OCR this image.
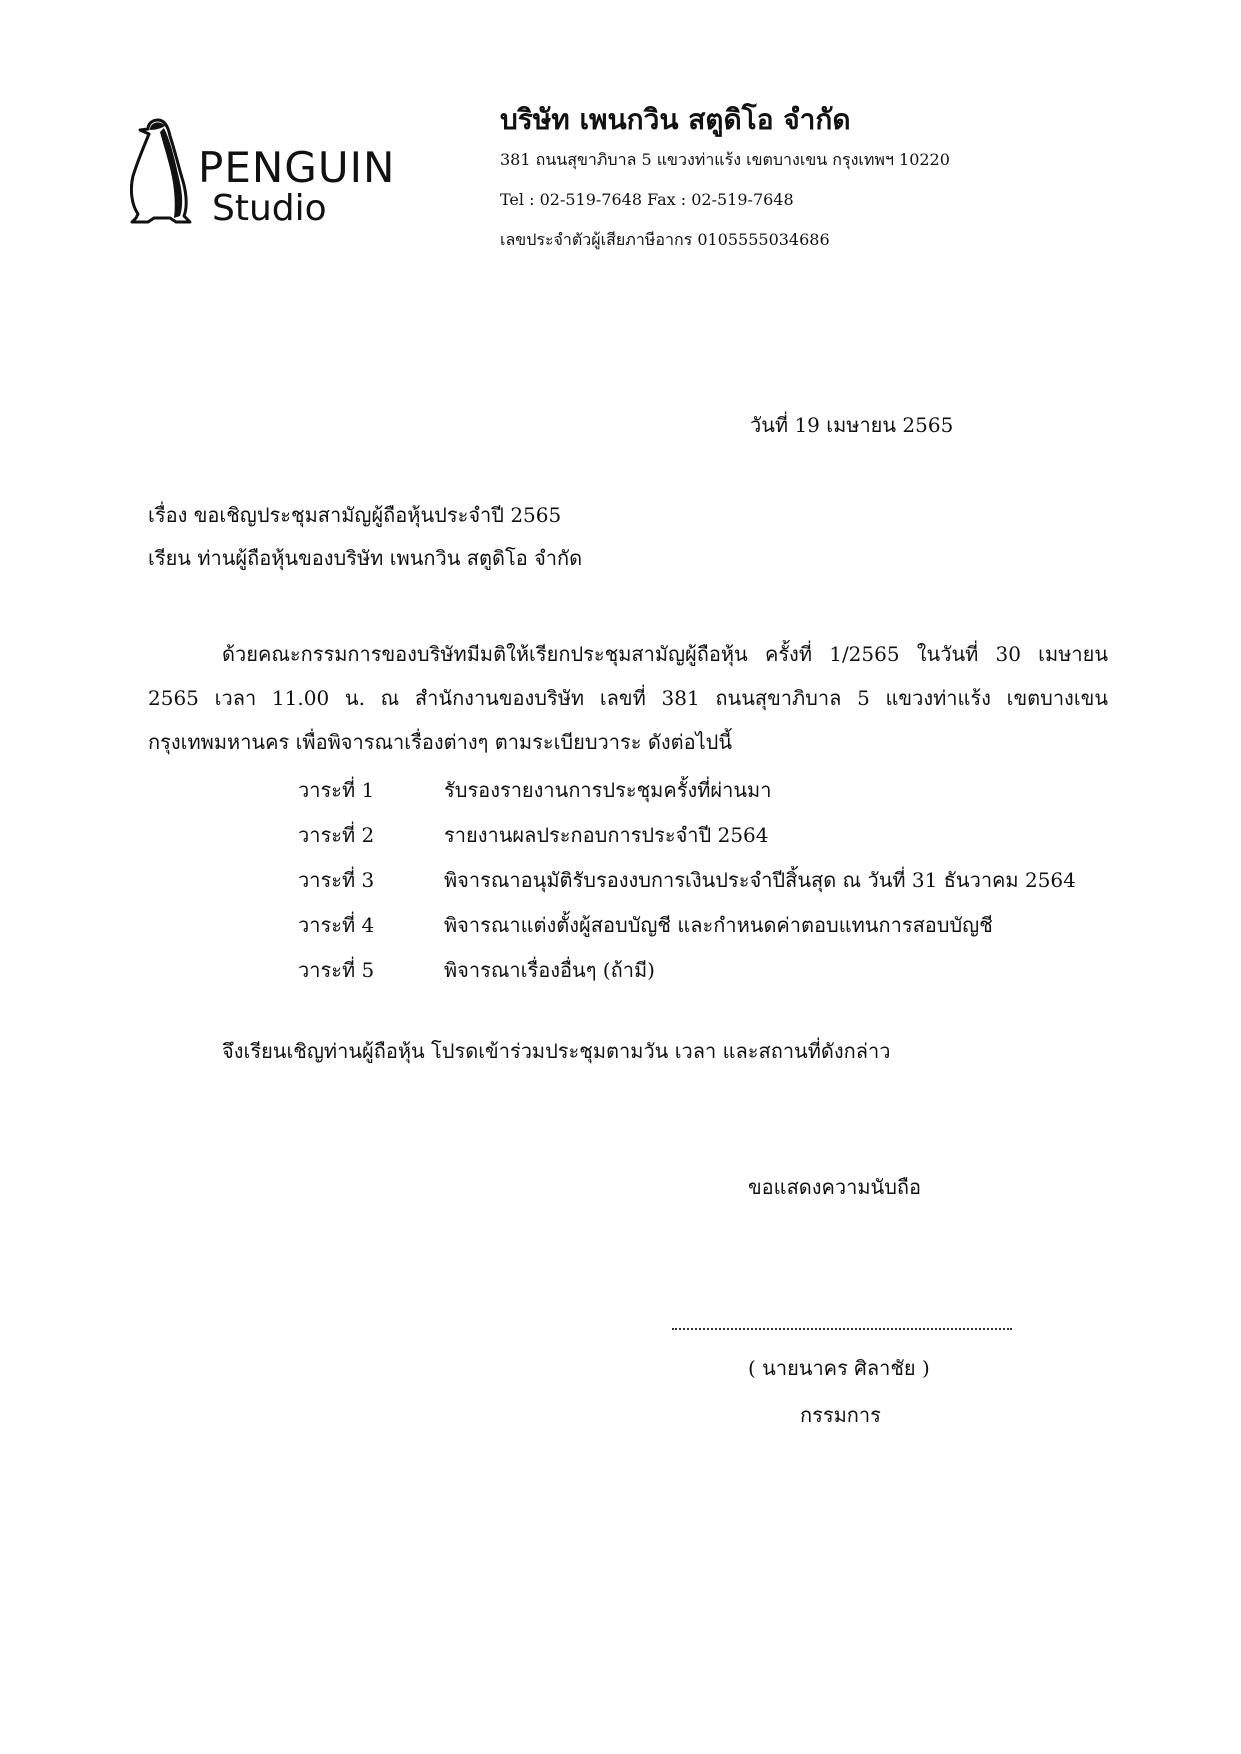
PENGUIN
Studio
บริษัท เพนกวิน สตูดิโอ จำกัด
381 ถนนสุขาภิบาล 5 แขวงท่าแร้ง เขตบางเขน กรุงเทพฯ 10220
Tel : 02-519-7648 Fax : 02-519-7648
เลขประจำตัวผู้เสียภาษีอากร 0105555034686
วันที่ 19 เมษายน 2565
เรื่อง ขอเชิญประชุมสามัญผู้ถือหุ้นประจำปี 2565
เรียน ท่านผู้ถือหุ้นของบริษัท เพนกวิน สตูดิโอ จำกัด
ด้วยคณะกรรมการของบริษัทมีมติให้เรียกประชุมสามัญผู้ถือหุ้น ครั้งที่ 1/2565 ในวันที่ 30 เมษายน
2565 เวลา 11.00 น. ณ สำนักงานของบริษัท เลขที่ 381 ถนนสุขาภิบาล 5 แขวงท่าแร้ง เขตบางเขน
กรุงเทพมหานคร เพื่อพิจารณาเรื่องต่างๆ ตามระเบียบวาระ ดังต่อไปนี้
วาระที่ 1	รับรองรายงานการประชุมครั้งที่ผ่านมา
วาระที่ 2	รายงานผลประกอบการประจำปี 2564
วาระที่ 3	พิจารณาอนุมัติรับรองงบการเงินประจำปีสิ้นสุด ณ วันที่ 31 ธันวาคม 2564
วาระที่ 4	พิจารณาแต่งตั้งผู้สอบบัญชี และกำหนดค่าตอบแทนการสอบบัญชี
วาระที่ 5	พิจารณาเรื่องอื่นๆ (ถ้ามี)
จึงเรียนเชิญท่านผู้ถือหุ้น โปรดเข้าร่วมประชุมตามวัน เวลา และสถานที่ดังกล่าว
ขอแสดงความนับถือ
( นายนาคร ศิลาชัย )
กรรมการ
